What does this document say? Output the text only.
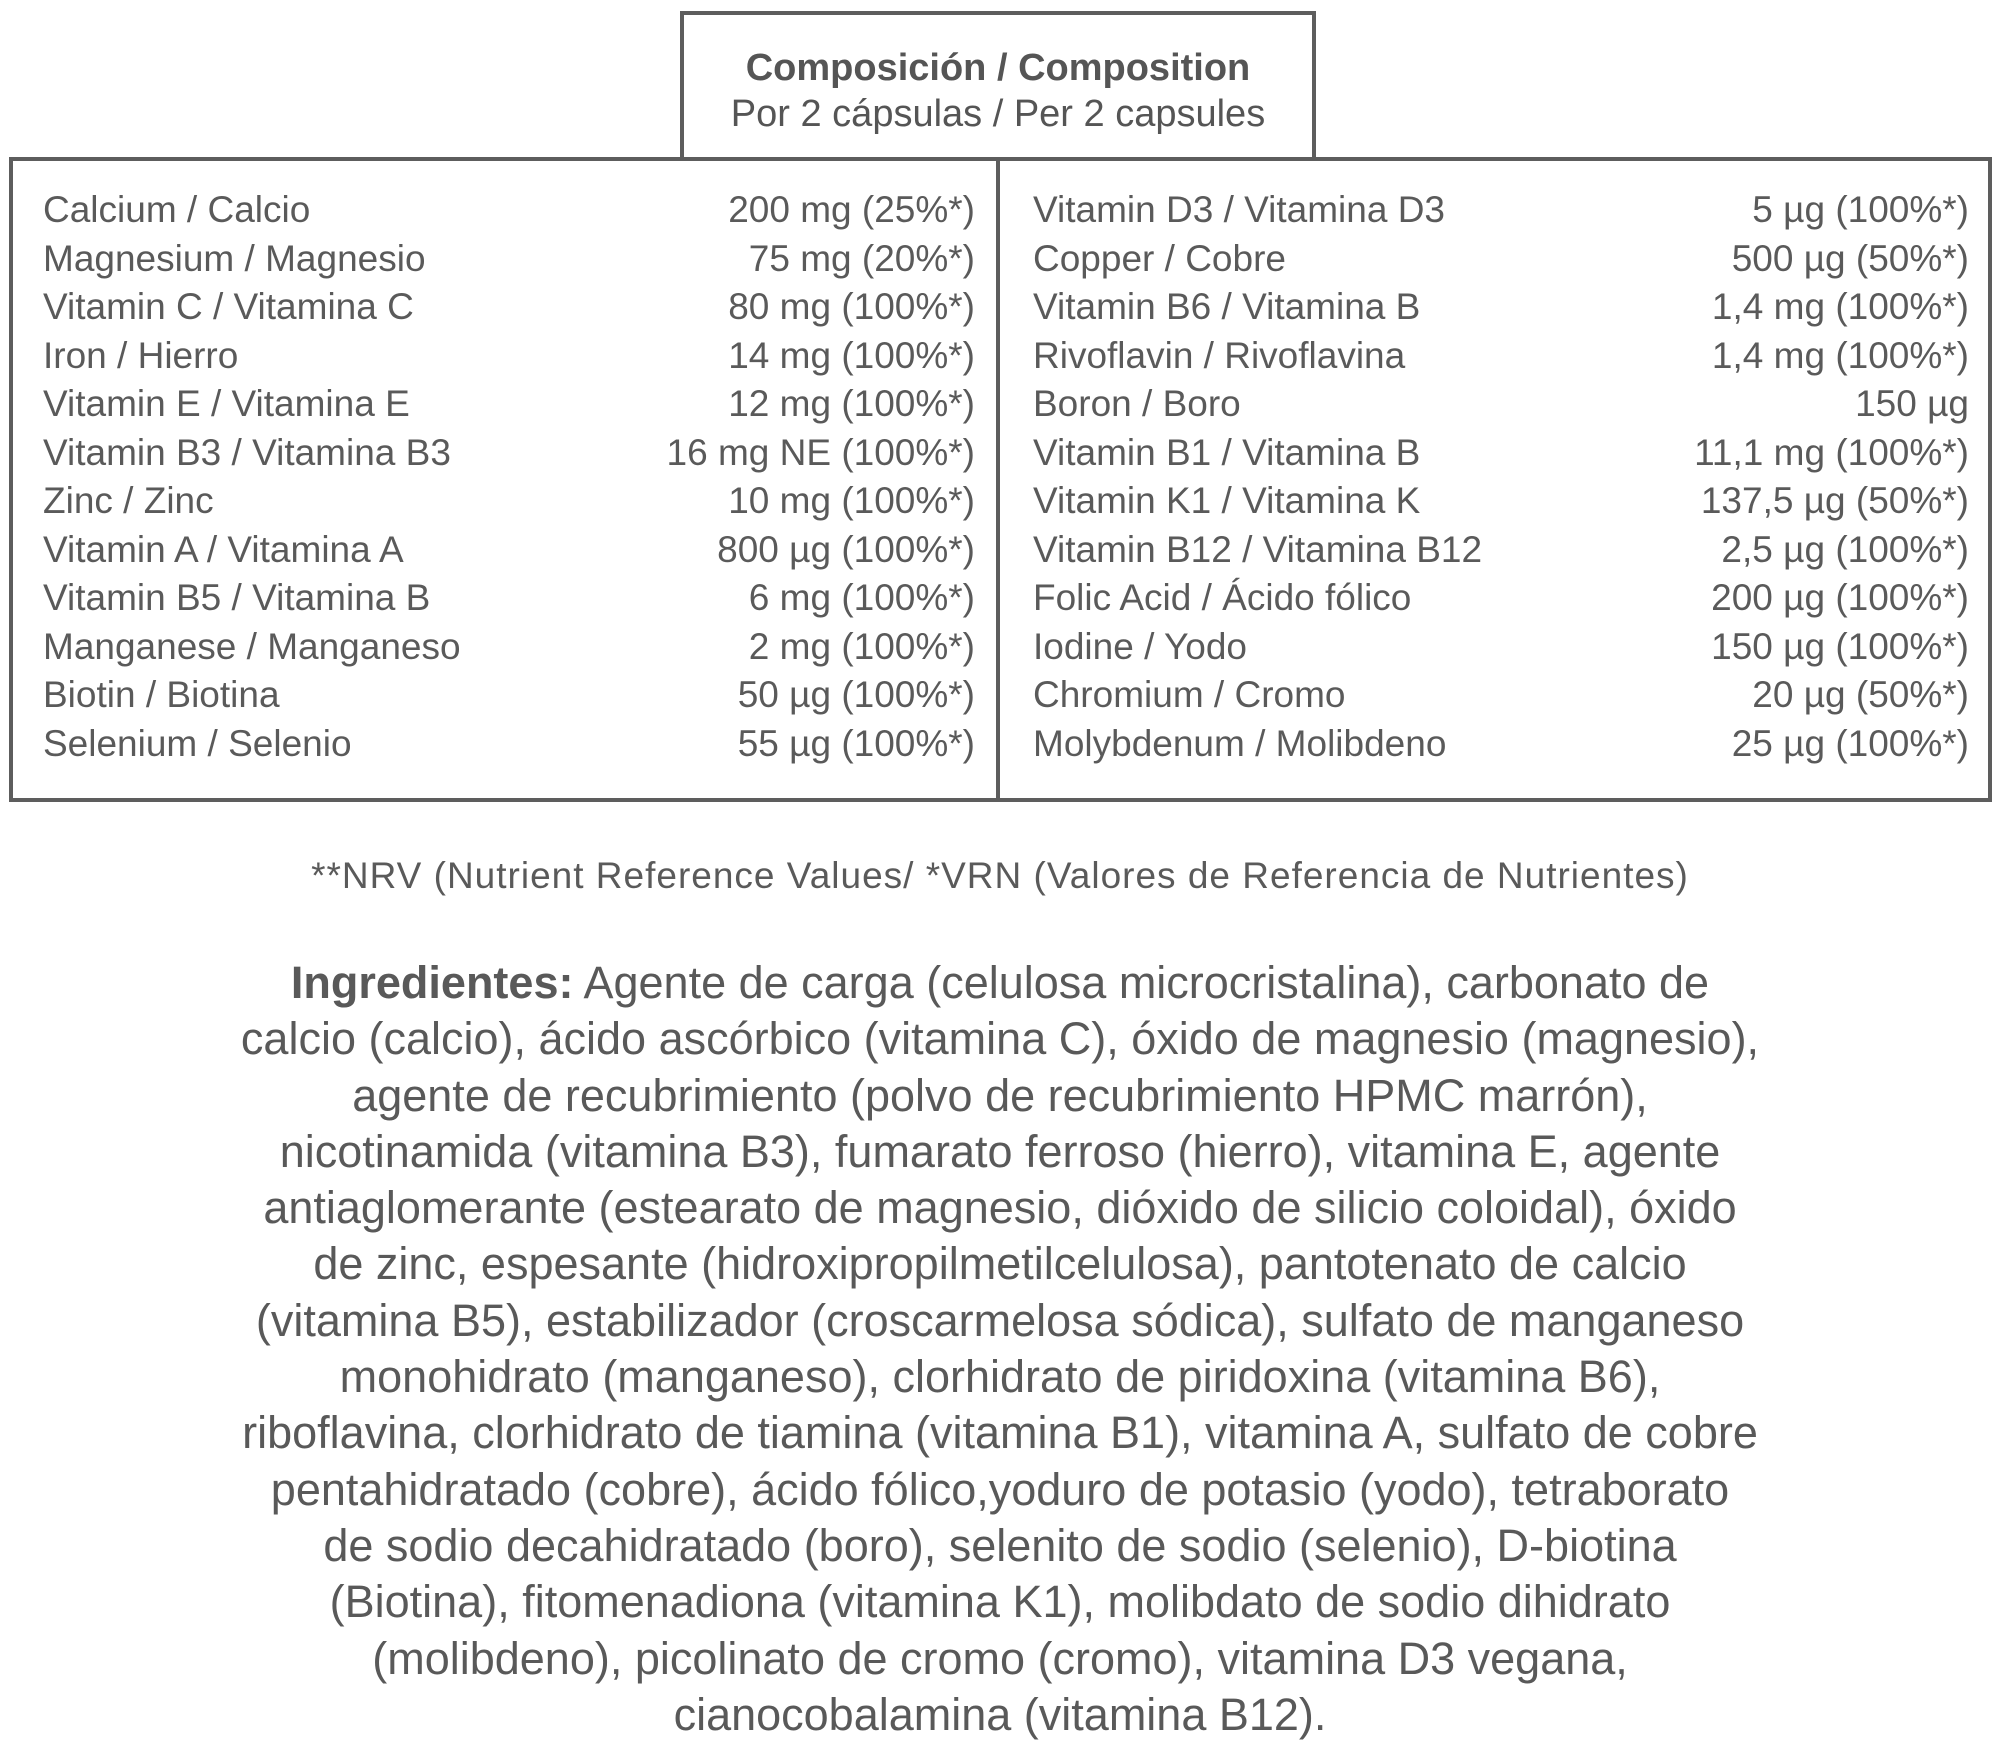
Composición / Composition
Por 2 cápsulas / Per 2 capsules
Calcium / Calcio	200 mg (25%*)
Magnesium / Magnesio	75 mg (20%*)
Vitamin C / Vitamina C	80 mg (100%*)
Iron / Hierro	14 mg (100%*)
Vitamin E / Vitamina E	12 mg (100%*)
Vitamin B3 / Vitamina B3	16 mg NE (100%*)
Zinc / Zinc	10 mg (100%*)
Vitamin A / Vitamina A	800 µg (100%*)
Vitamin B5 / Vitamina B	6 mg (100%*)
Manganese / Manganeso	2 mg (100%*)
Biotin / Biotina	50 µg (100%*)
Selenium / Selenio	55 µg (100%*)
Vitamin D3 / Vitamina D3	5 µg (100%*)
Copper / Cobre	500 µg (50%*)
Vitamin B6 / Vitamina B	1,4 mg (100%*)
Rivoflavin / Rivoflavina	1,4 mg (100%*)
Boron / Boro	150 µg
Vitamin B1 / Vitamina B	11,1 mg (100%*)
Vitamin K1 / Vitamina K	137,5 µg (50%*)
Vitamin B12 / Vitamina B12	2,5 µg (100%*)
Folic Acid / Ácido fólico	200 µg (100%*)
Iodine / Yodo	150 µg (100%*)
Chromium / Cromo	20 µg (50%*)
Molybdenum / Molibdeno	25 µg (100%*)
**NRV (Nutrient Reference Values/ *VRN (Valores de Referencia de Nutrientes)
Ingredientes: Agente de carga (celulosa microcristalina), carbonato de
calcio (calcio), ácido ascórbico (vitamina C), óxido de magnesio (magnesio),
agente de recubrimiento (polvo de recubrimiento HPMC marrón),
nicotinamida (vitamina B3), fumarato ferroso (hierro), vitamina E, agente
antiaglomerante (estearato de magnesio, dióxido de silicio coloidal), óxido
de zinc, espesante (hidroxipropilmetilcelulosa), pantotenato de calcio
(vitamina B5), estabilizador (croscarmelosa sódica), sulfato de manganeso
monohidrato (manganeso), clorhidrato de piridoxina (vitamina B6),
riboflavina, clorhidrato de tiamina (vitamina B1), vitamina A, sulfato de cobre
pentahidratado (cobre), ácido fólico,yoduro de potasio (yodo), tetraborato
de sodio decahidratado (boro), selenito de sodio (selenio), D-biotina
(Biotina), fitomenadiona (vitamina K1), molibdato de sodio dihidrato
(molibdeno), picolinato de cromo (cromo), vitamina D3 vegana,
cianocobalamina (vitamina B12).
